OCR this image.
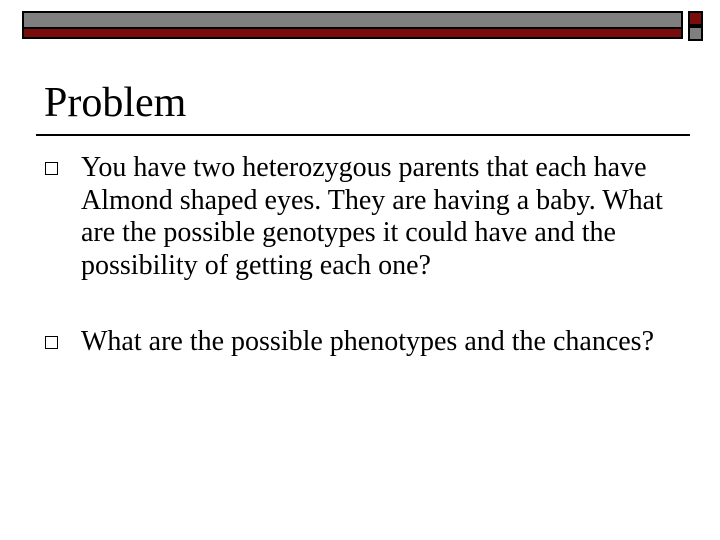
Problem
You have two heterozygous parents that each have Almond shaped eyes. They are having a baby. What are the possible genotypes it could have and the possibility of getting each one?
What are the possible phenotypes and the chances?
